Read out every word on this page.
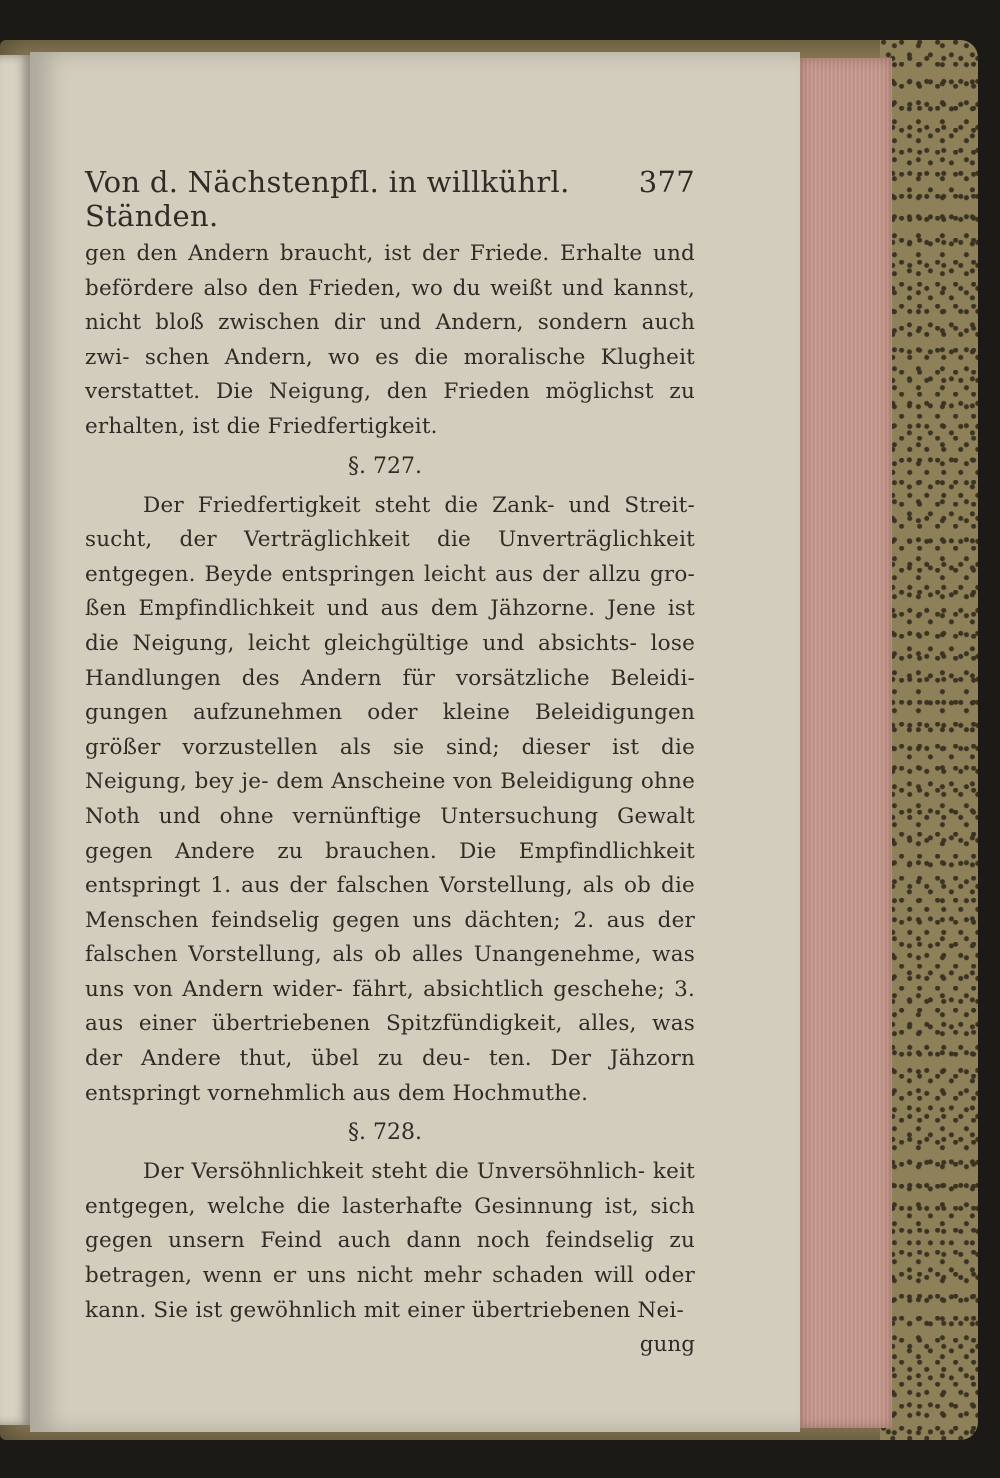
Von d. Nächstenpfl. in willkührl. Ständen.
377
gen den Andern braucht, ist der Friede. Erhalte und befördere also den Frieden, wo du weißt und kannst, nicht bloß zwischen dir und Andern, sondern auch zwi- schen Andern, wo es die moralische Klugheit verstattet. Die Neigung, den Frieden möglichst zu erhalten, ist die Friedfertigkeit.
§. 727.
Der Friedfertigkeit steht die Zank- und Streit- sucht, der Verträglichkeit die Unverträglichkeit entgegen. Beyde entspringen leicht aus der allzu gro- ßen Empfindlichkeit und aus dem Jähzorne. Jene ist die Neigung, leicht gleichgültige und absichts- lose Handlungen des Andern für vorsätzliche Beleidi- gungen aufzunehmen oder kleine Beleidigungen größer vorzustellen als sie sind; dieser ist die Neigung, bey je- dem Anscheine von Beleidigung ohne Noth und ohne vernünftige Untersuchung Gewalt gegen Andere zu brauchen. Die Empfindlichkeit entspringt 1. aus der falschen Vorstellung, als ob die Menschen feindselig gegen uns dächten; 2. aus der falschen Vorstellung, als ob alles Unangenehme, was uns von Andern wider- fährt, absichtlich geschehe; 3. aus einer übertriebenen Spitzfündigkeit, alles, was der Andere thut, übel zu deu- ten. Der Jähzorn entspringt vornehmlich aus dem Hochmuthe.
§. 728.
Der Versöhnlichkeit steht die Unversöhnlich- keit entgegen, welche die lasterhafte Gesinnung ist, sich gegen unsern Feind auch dann noch feindselig zu betragen, wenn er uns nicht mehr schaden will oder kann. Sie ist gewöhnlich mit einer übertriebenen Nei-
gung
